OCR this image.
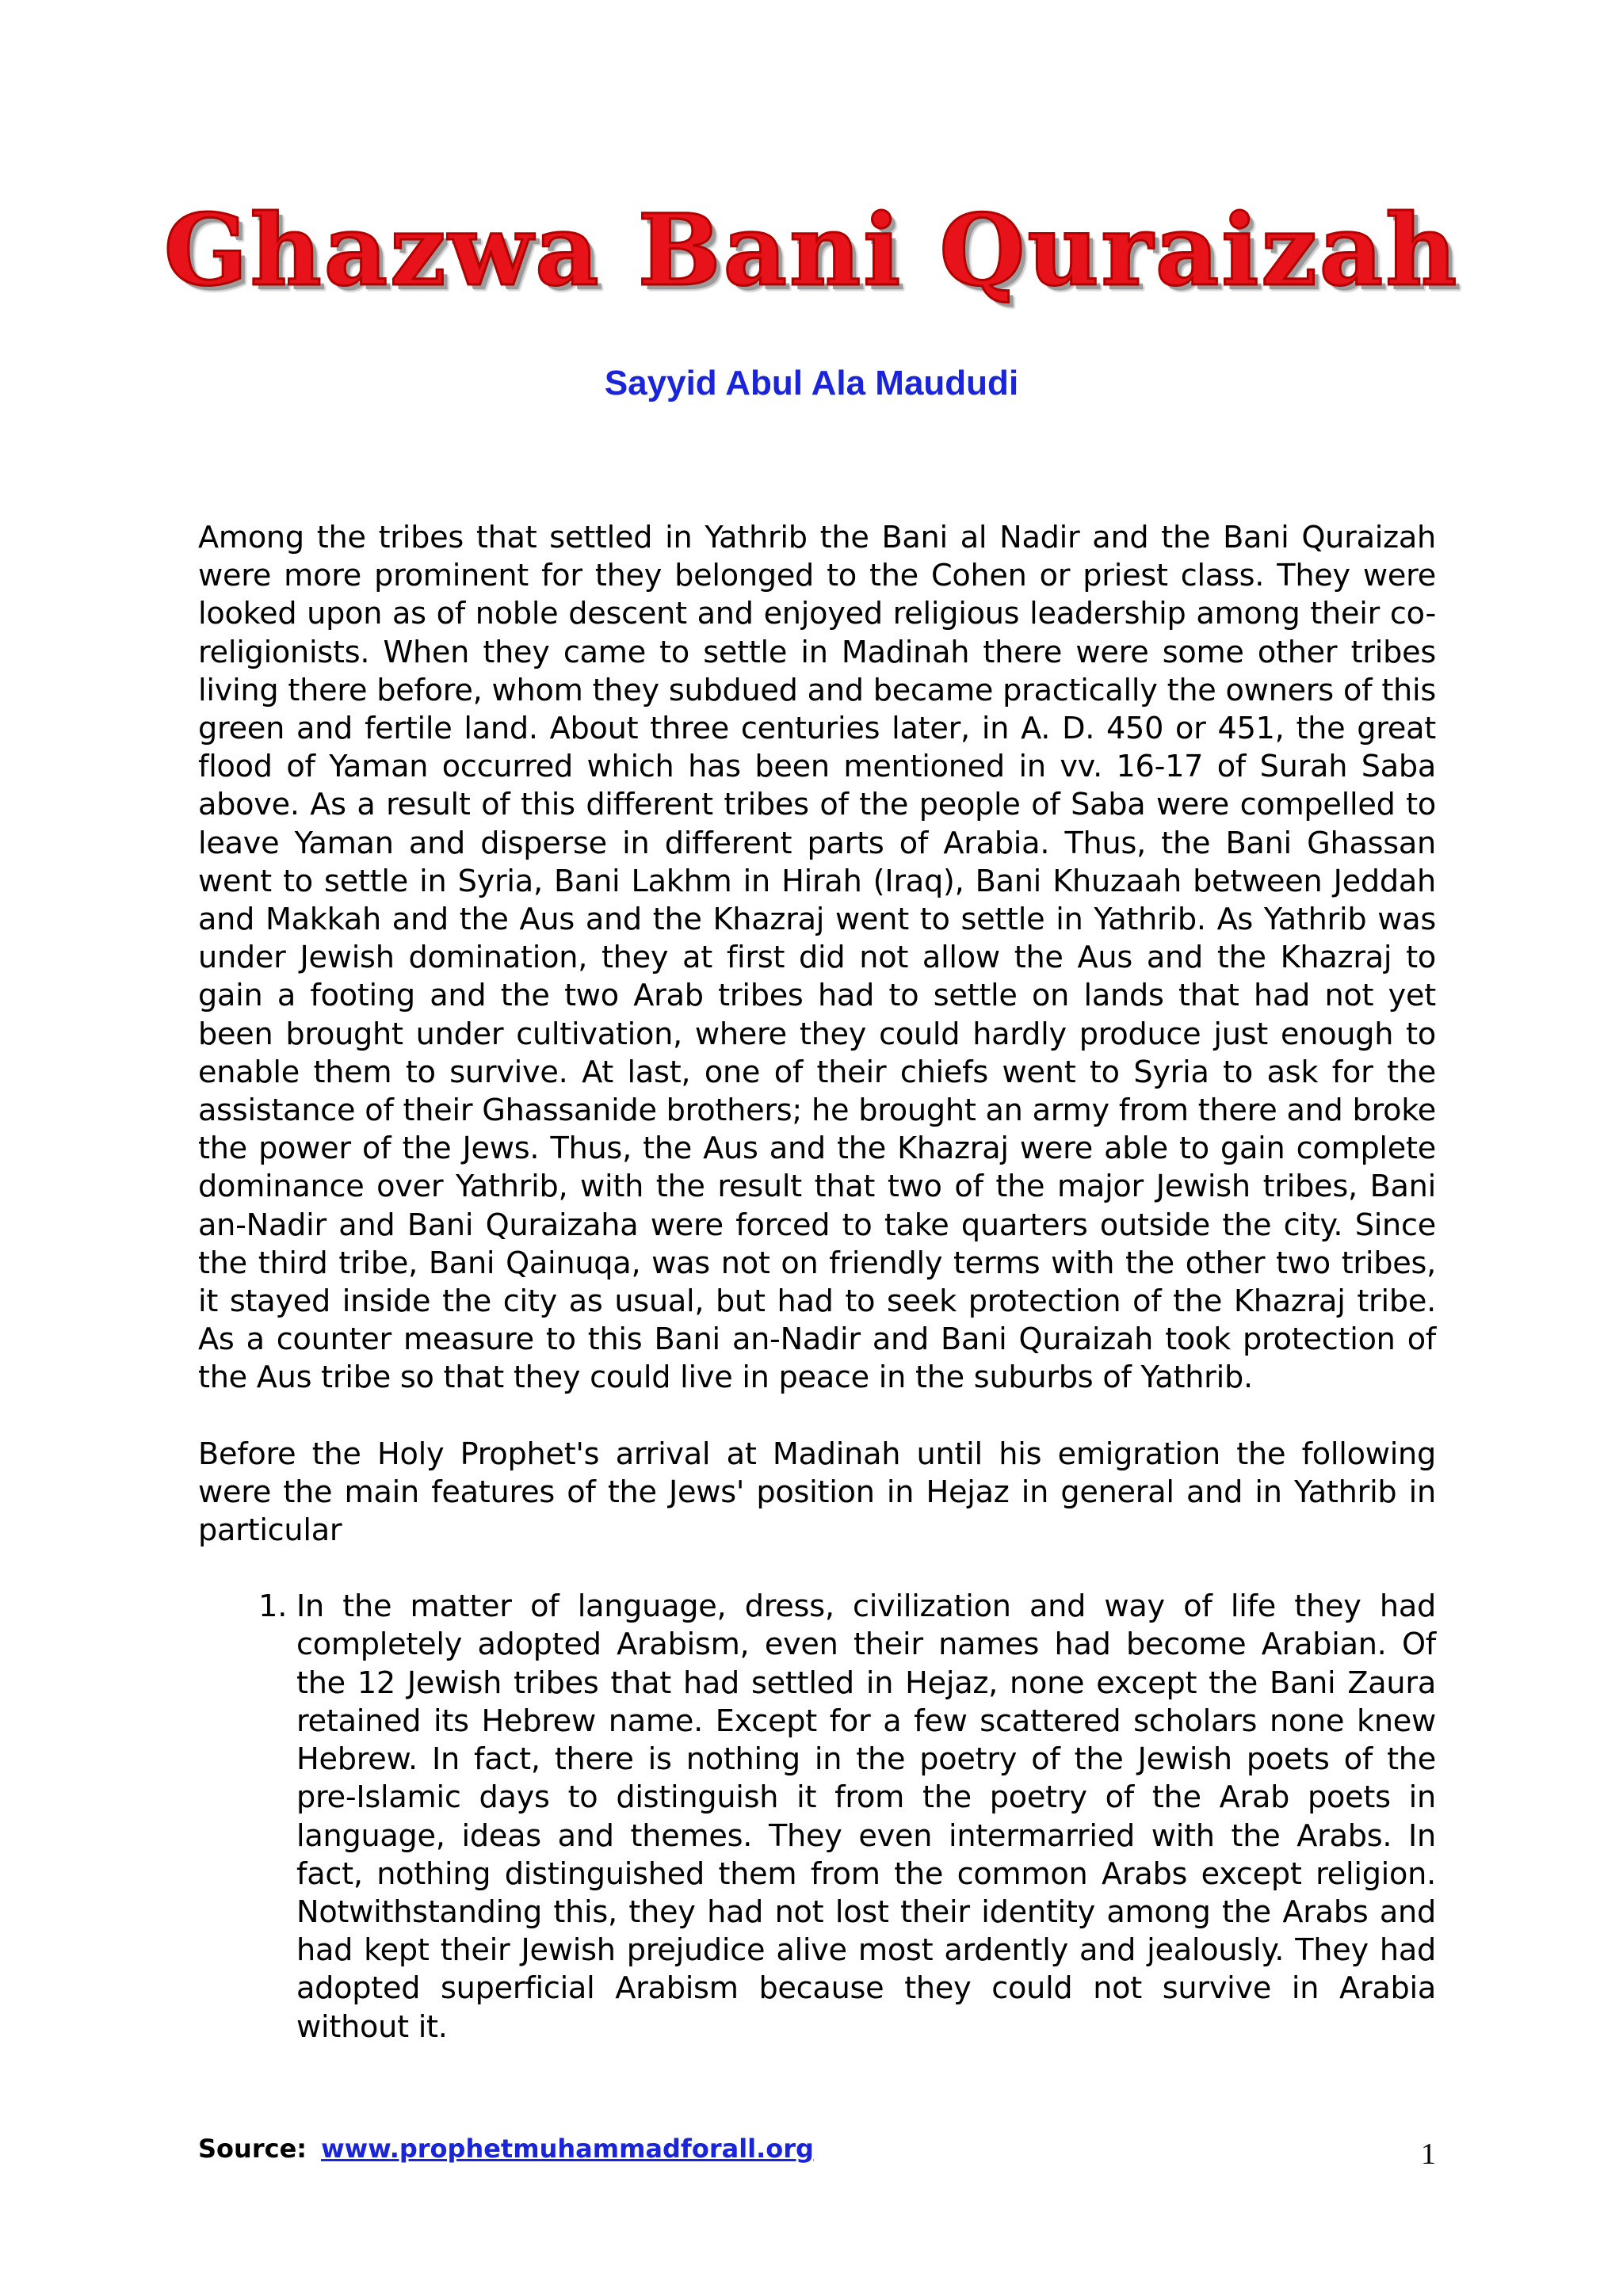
Ghazwa Bani Quraizah
Sayyid Abul Ala Maududi

Among the tribes that settled in Yathrib the Bani al Nadir and the Bani Quraizah were more prominent for they belonged to the Cohen or priest class. They were looked upon as of noble descent and enjoyed religious leadership among their co-religionists. When they came to settle in Madinah there were some other tribes living there before, whom they subdued and became practically the owners of this green and fertile land. About three centuries later, in A. D. 450 or 451, the great flood of Yaman occurred which has been mentioned in vv. 16-17 of Surah Saba above. As a result of this different tribes of the people of Saba were compelled to leave Yaman and disperse in different parts of Arabia. Thus, the Bani Ghassan went to settle in Syria, Bani Lakhm in Hirah (Iraq), Bani Khuzaah between Jeddah and Makkah and the Aus and the Khazraj went to settle in Yathrib. As Yathrib was under Jewish domination, they at first did not allow the Aus and the Khazraj to gain a footing and the two Arab tribes had to settle on lands that had not yet been brought under cultivation, where they could hardly produce just enough to enable them to survive. At last, one of their chiefs went to Syria to ask for the assistance of their Ghassanide brothers; he brought an army from there and broke the power of the Jews. Thus, the Aus and the Khazraj were able to gain complete dominance over Yathrib, with the result that two of the major Jewish tribes, Bani an-Nadir and Bani Quraizaha were forced to take quarters outside the city. Since the third tribe, Bani Qainuqa, was not on friendly terms with the other two tribes, it stayed inside the city as usual, but had to seek protection of the Khazraj tribe. As a counter measure to this Bani an-Nadir and Bani Quraizah took protection of the Aus tribe so that they could live in peace in the suburbs of Yathrib.

Before the Holy Prophet's arrival at Madinah until his emigration the following were the main features of the Jews' position in Hejaz in general and in Yathrib in particular

1. In the matter of language, dress, civilization and way of life they had completely adopted Arabism, even their names had become Arabian. Of the 12 Jewish tribes that had settled in Hejaz, none except the Bani Zaura retained its Hebrew name. Except for a few scattered scholars none knew Hebrew. In fact, there is nothing in the poetry of the Jewish poets of the pre-Islamic days to distinguish it from the poetry of the Arab poets in language, ideas and themes. They even intermarried with the Arabs. In fact, nothing distinguished them from the common Arabs except religion. Notwithstanding this, they had not lost their identity among the Arabs and had kept their Jewish prejudice alive most ardently and jealously. They had adopted superficial Arabism because they could not survive in Arabia without it.
Source: www.prophetmuhammadforall.org	1
